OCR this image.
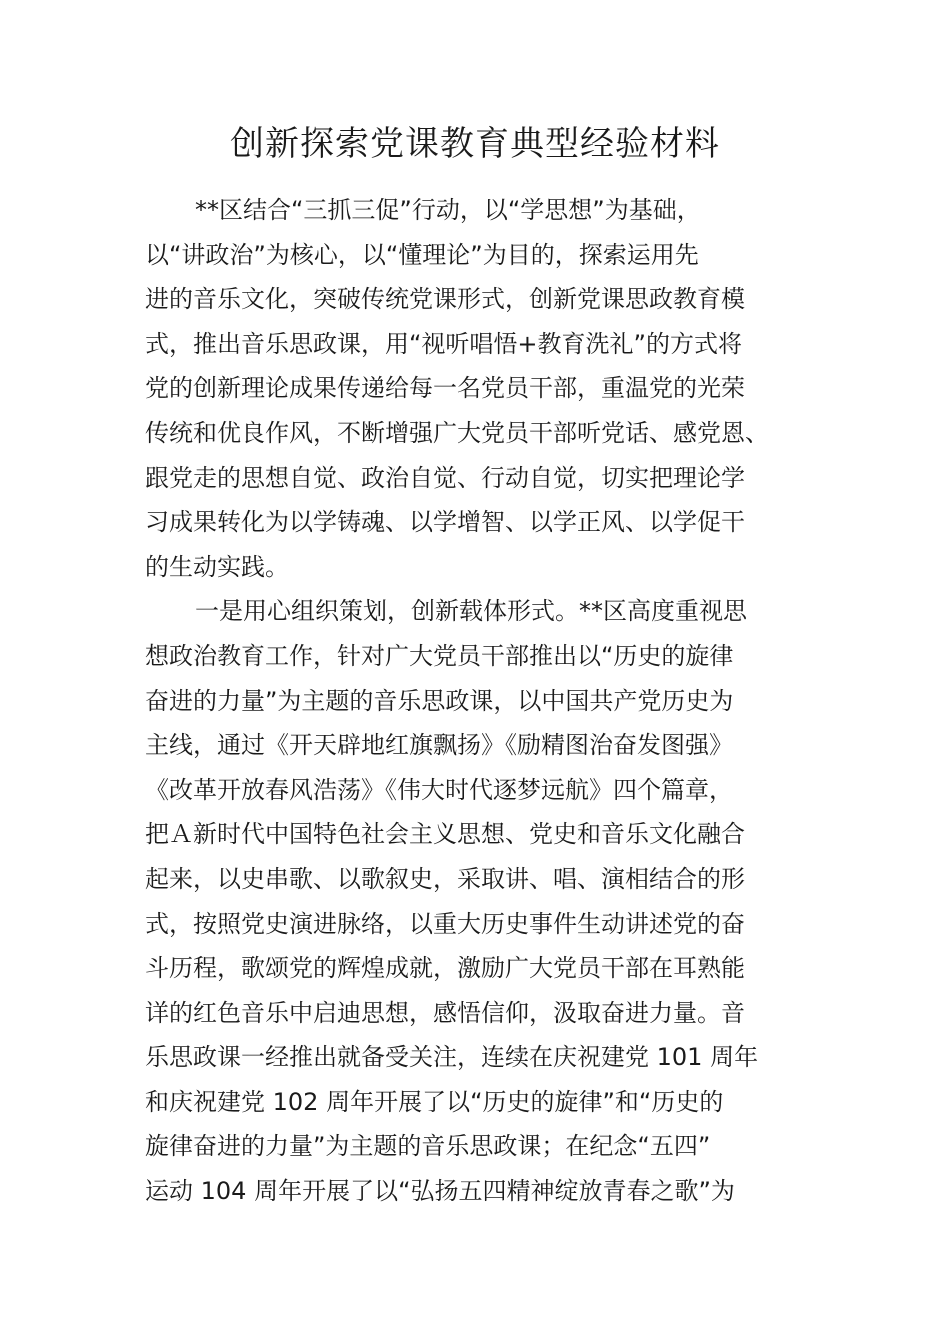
创新探索党课教育典型经验材料
**区结合“三抓三促”行动，以“学思想”为基础，
以“讲政治”为核心，以“懂理论”为目的，探索运用先
进的音乐文化，突破传统党课形式，创新党课思政教育模
式，推出音乐思政课，用“视听唱悟+教育洗礼”的方式将
党的创新理论成果传递给每一名党员干部，重温党的光荣
传统和优良作风，不断增强广大党员干部听党话、感党恩、
跟党走的思想自觉、政治自觉、行动自觉，切实把理论学
习成果转化为以学铸魂、以学增智、以学正风、以学促干
的生动实践。
一是用心组织策划，创新载体形式。**区高度重视思
想政治教育工作，针对广大党员干部推出以“历史的旋律
奋进的力量”为主题的音乐思政课，以中国共产党历史为
主线，通过《开天辟地红旗飘扬》《励精图治奋发图强》
《改革开放春风浩荡》《伟大时代逐梦远航》四个篇章，
把Ａ新时代中国特色社会主义思想、党史和音乐文化融合
起来，以史串歌、以歌叙史，采取讲、唱、演相结合的形
式，按照党史演进脉络，以重大历史事件生动讲述党的奋
斗历程，歌颂党的辉煌成就，激励广大党员干部在耳熟能
详的红色音乐中启迪思想，感悟信仰，汲取奋进力量。音
乐思政课一经推出就备受关注，连续在庆祝建党 101 周年
和庆祝建党 102 周年开展了以“历史的旋律”和“历史的
旋律奋进的力量”为主题的音乐思政课；在纪念“五四”
运动 104 周年开展了以“弘扬五四精神绽放青春之歌”为
